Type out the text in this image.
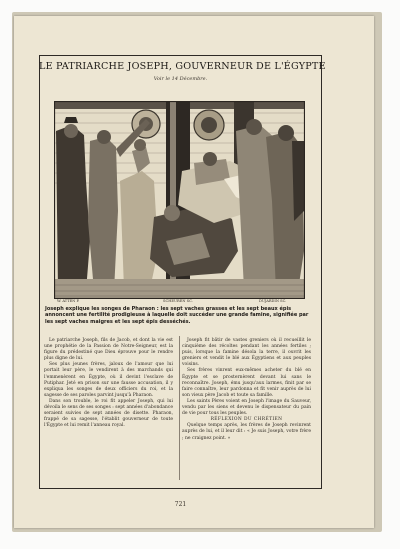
LE PATRIARCHE JOSEPH, GOUVERNEUR DE L'ÉGYPTE
Voir le 14 Décembre.
W. ATTEN P.	SCHEUREN SC.	DUJARDIN SC.

Joseph explique les songes de Pharaon : les sept vaches grasses et les sept beaux épis annoncent une fertilité prodigieuse à laquelle doit succéder une grande famine, signifiée par les sept vaches maigres et les sept épis desséchés.

Le patriarche Joseph, fils de Jacob, et dont la vie est une prophétie de la Passion de Notre-Seigneur, est la figure du prédestiné que Dieu éprouve pour le rendre plus digne de lui.
Ses plus jeunes frères, jaloux de l'amour que lui portait leur père, le vendirent à des marchands qui l'emmenèrent en Égypte, où il devint l'esclave de Putiphar. Jeté en prison sur une fausse accusation, il y expliqua les songes de deux officiers du roi, et la sagesse de ses paroles parvint jusqu'à Pharaon.
Dans son trouble, le roi fit appeler Joseph, qui lui dévoila le sens de ses songes : sept années d'abondance seraient suivies de sept années de disette. Pharaon, frappé de sa sagesse, l'établit gouverneur de toute l'Égypte et lui remit l'anneau royal.
Joseph fit bâtir de vastes greniers où il recueillit le cinquième des récoltes pendant les années fertiles ; puis, lorsque la famine désola la terre, il ouvrit les greniers et vendit le blé aux Égyptiens et aux peuples voisins.
Ses frères vinrent eux-mêmes acheter du blé en Égypte et se prosternèrent devant lui sans le reconnaître. Joseph, ému jusqu'aux larmes, finit par se faire connaître, leur pardonna et fit venir auprès de lui son vieux père Jacob et toute sa famille.
Les saints Pères voient en Joseph l'image du Sauveur, vendu par les siens et devenu le dispensateur du pain de vie pour tous les peuples.
RÉFLEXION DU CHRÉTIEN
Quelque temps après, les frères de Joseph revinrent auprès de lui, et il leur dit : « Je suis Joseph, votre frère ; ne craignez point. »
721
